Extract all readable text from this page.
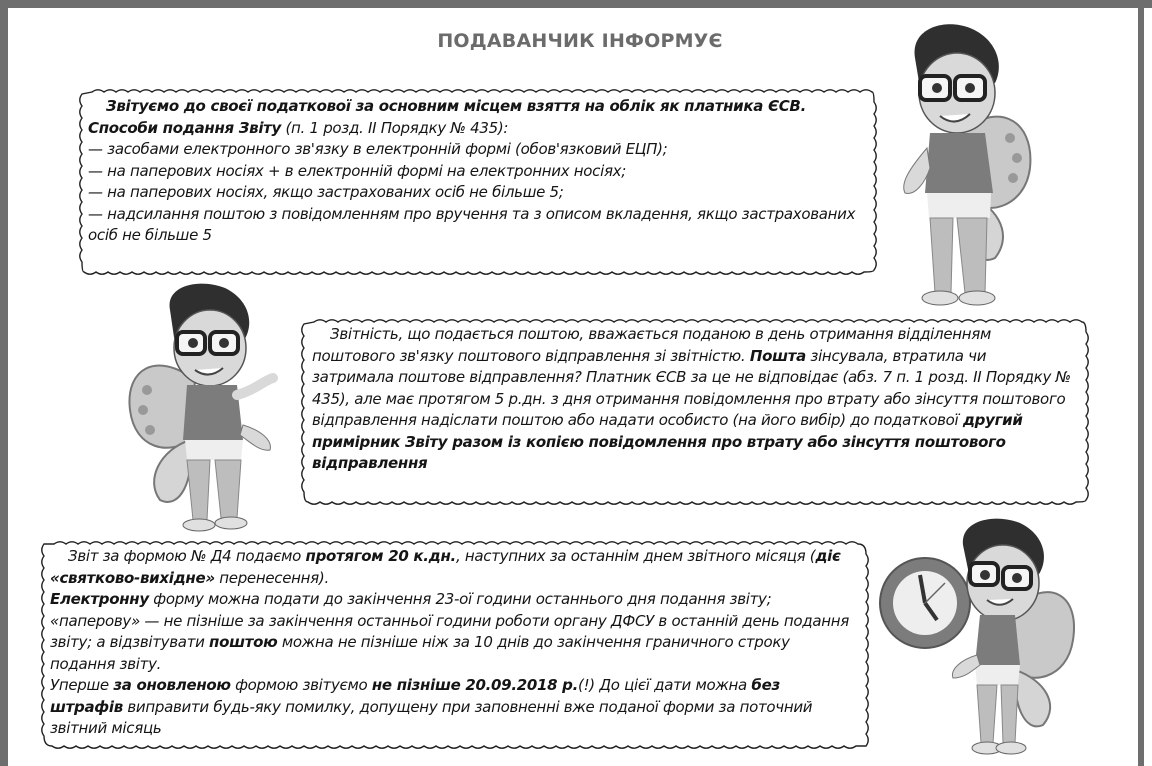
ПОДАВАНЧИК ІНФОРМУЄ

Звітуємо до своєї податкової за основним місцем взяття на облік як платника ЄСВ.

Способи подання Звіту (п. 1 розд. ІІ Порядку № 435):

— засобами електронного зв'язку в електронній формі (обов'язковий ЕЦП);

— на паперових носіях + в електронній формі на електронних носіях;

— на паперових носіях, якщо застрахованих осіб не більше 5;

— надсилання поштою з повідомленням про вручення та з описом вкладення, якщо застрахованих осіб не більше 5

Звітність, що подається поштою, вважається поданою в день отримання відділенням поштового зв'язку поштового відправлення зі звітністю. Пошта зінсувала, втратила чи затримала поштове відправлення? Платник ЄСВ за це не відповідає (абз. 7 п. 1 розд. ІІ Порядку № 435), але має протягом 5 р.дн. з дня отримання повідомлення про втрату або зінсуття поштового відправлення надіслати поштою або надати особисто (на його вибір) до податкової другий примірник Звіту разом із копією повідомлення про втрату або зінсуття поштового відправлення

Звіт за формою № Д4 подаємо протягом 20 к.дн., наступних за останнім днем звітного місяця (діє «святково-вихідне» перенесення).

Електронну форму можна подати до закінчення 23-ої години останнього дня подання звіту; «паперову» — не пізніше за закінчення останньої години роботи органу ДФСУ в останній день подання звіту; а відзвітувати поштою можна не пізніше ніж за 10 днів до закінчення граничного строку подання звіту.

Уперше за оновленою формою звітуємо не пізніше 20.09.2018 р.(!) До цієї дати можна без штрафів виправити будь-яку помилку, допущену при заповненні вже поданої форми за поточний звітний місяць
